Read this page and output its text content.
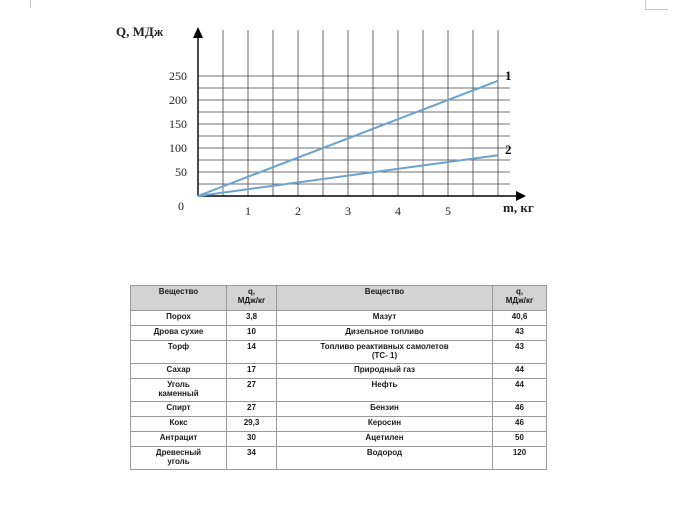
1	2	3	4	5
50
100
150
200
250	1
2
Q, МДж
m, кг
0
Вещество	q,
МДж/кг	Вещество	q,
МДж/кг
Порох	3,8	Мазут	40,6
Дрова сухие	10	Дизельное топливо	43
Торф	14	Топливо реактивных самолетов
(ТС- 1)	43
Сахар	17	Природный газ	44
Уголь
каменный	27	Нефть	44
Спирт	27	Бензин	46
Кокс	29,3	Керосин	46
Антрацит	30	Ацетилен	50
Древесный
уголь	34	Водород	120
